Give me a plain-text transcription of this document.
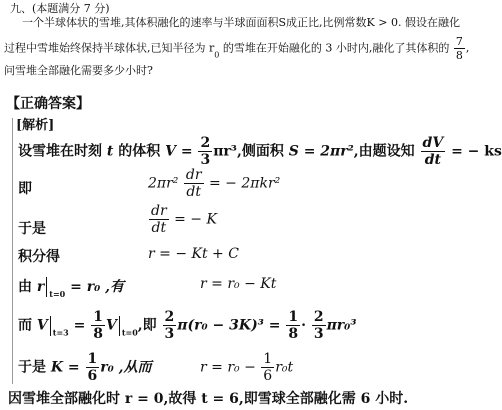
九、(本题满分 7 分)
一个半球体状的雪堆,其体积融化的速率与半球面面积S成正比,比例常数K > 0. 假设在融化
过程中雪堆始终保持半球体状,已知半径为 $r_0$ 的雪堆在开始融化的 3 小时内,融化了其体积的 $\frac{7}{8}$ ,
问雪堆全部融化需要多少小时?
【正确答案】
[解析]
设雪堆在时刻 t 的体积 $V = \frac{2}{3} \pi r^3$,侧面积 S = 2πr²,由题设知 $\frac{dV}{dt}$ = − ks
即	$2\pi r^2 \frac{dr}{dt}$ = − 2πkr²
于是	$\frac{dr}{dt}$ = − K
积分得	r = − Kt + C
由 r $_{t=0}$ = r₀ ,有	r = r₀ − Kt
而 V $_{t=3} = \frac{1}{8}$ V $_{t=0}$,即 $\frac{2}{3} \pi(r_0 - 3K)^3 = \frac{1}{8} \cdot \frac{2}{3} \pi r_0^3$
于是 $K = \frac{1}{6} r_0$ ,从而	$r = r_0 - \frac{1}{6} r_0t$
因雪堆全部融化时 r = 0,故得 t = 6,即雪球全部融化需 6 小时.
